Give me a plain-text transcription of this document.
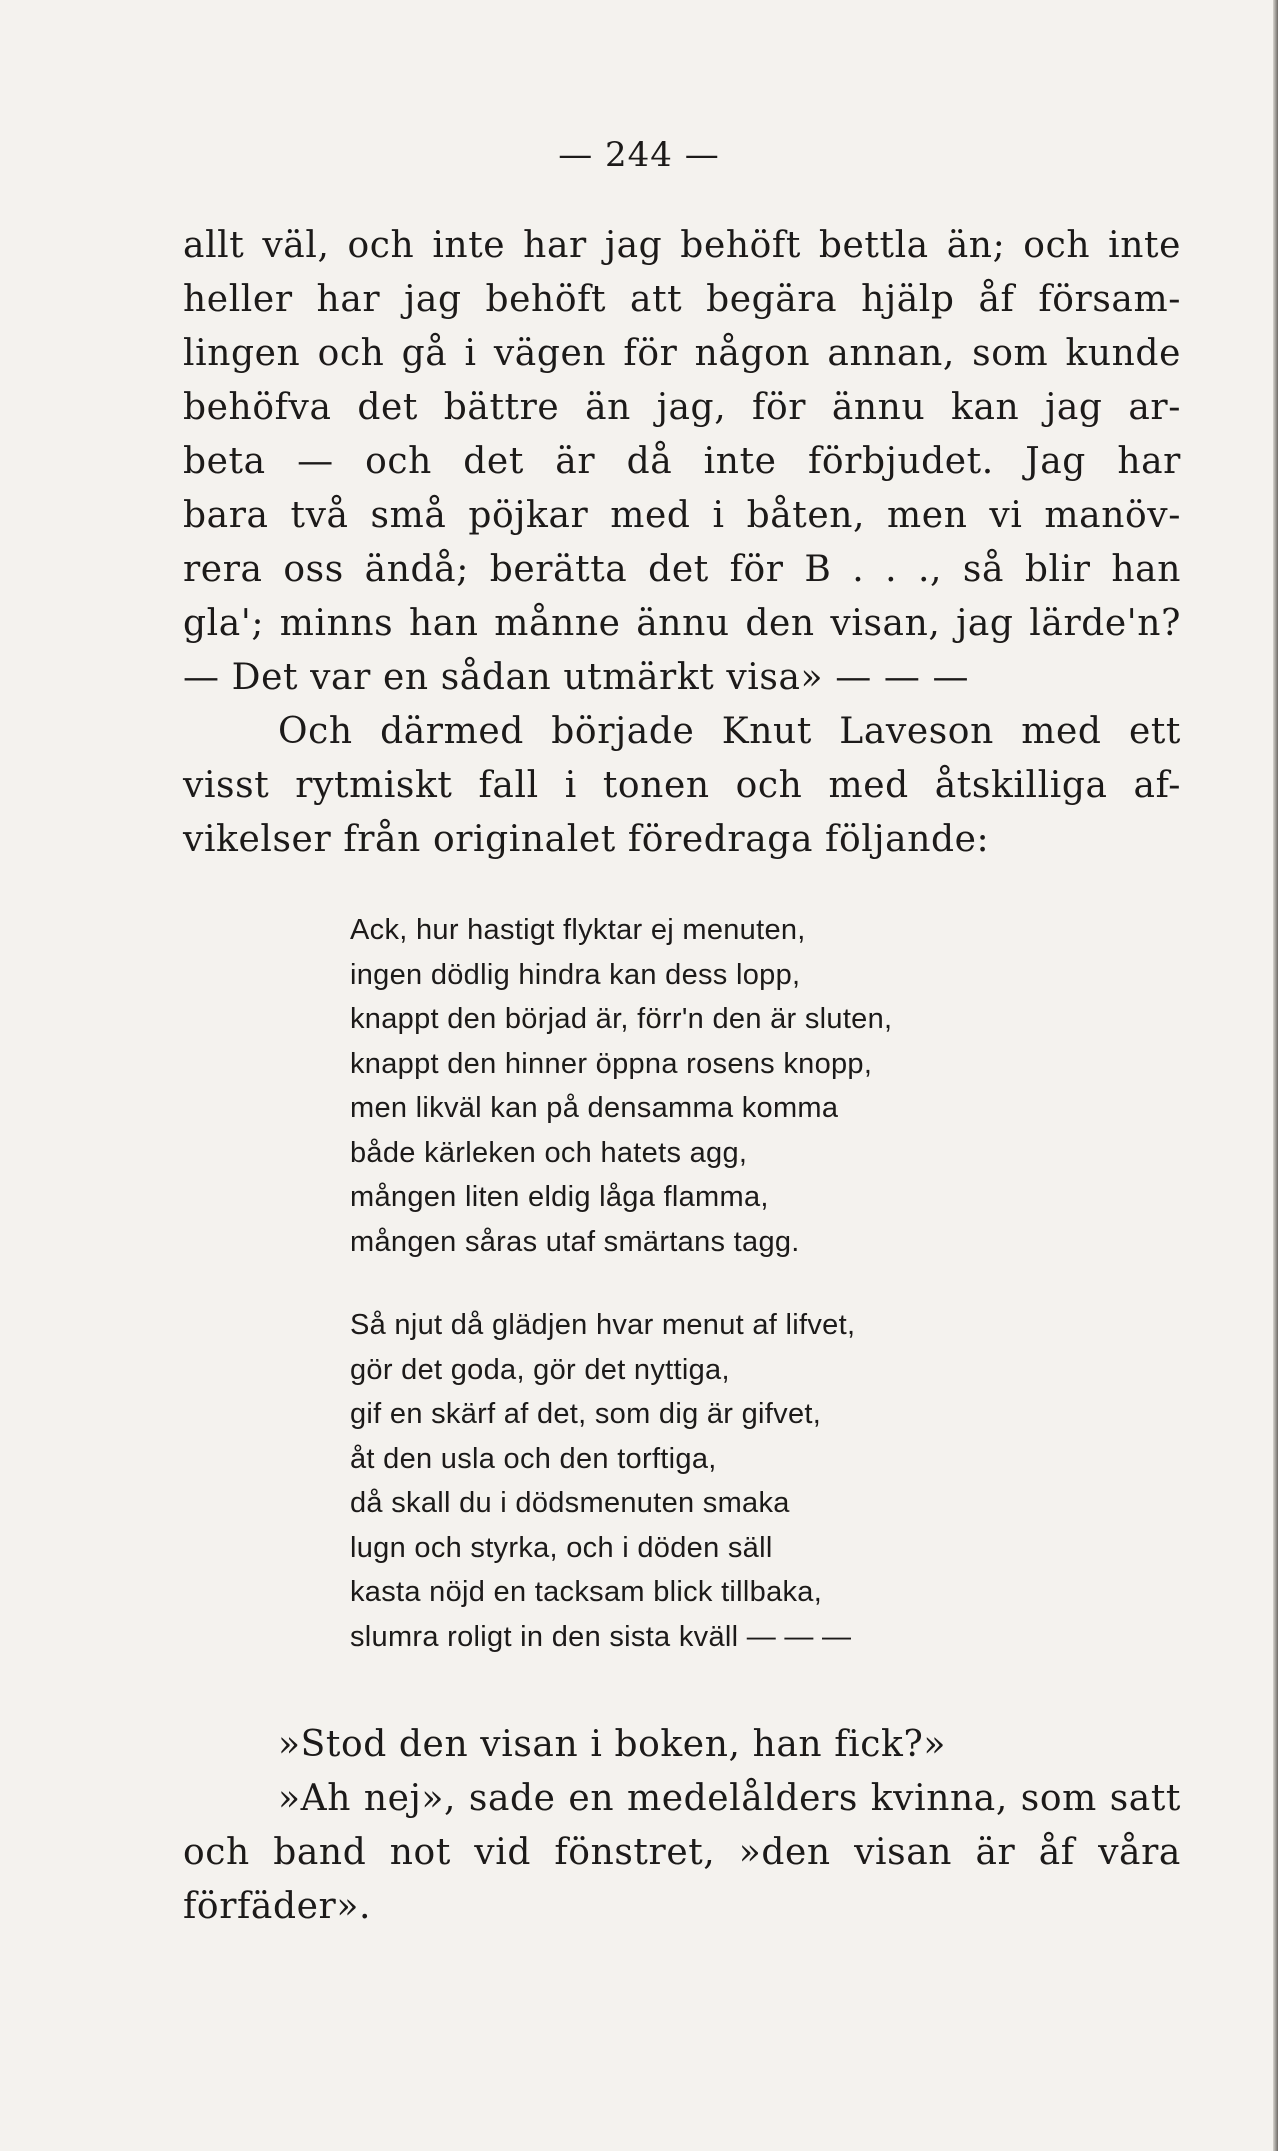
— 244 —
allt väl, och inte har jag behöft bettla än; och inte
heller har jag behöft att begära hjälp åf försam-
lingen och gå i vägen för någon annan, som kunde
behöfva det bättre än jag, för ännu kan jag ar-
beta — och det är då inte förbjudet. Jag har
bara två små pöjkar med i båten, men vi manöv-
rera oss ändå; berätta det för B . . ., så blir han
gla'; minns han månne ännu den visan, jag lärde'n?
— Det var en sådan utmärkt visa» — — —
Och därmed började Knut Laveson med ett
visst rytmiskt fall i tonen och med åtskilliga af-
vikelser från originalet föredraga följande:
Ack, hur hastigt flyktar ej menuten,
ingen dödlig hindra kan dess lopp,
knappt den börjad är, förr'n den är sluten,
knappt den hinner öppna rosens knopp,
men likväl kan på densamma komma
både kärleken och hatets agg,
mången liten eldig låga flamma,
mången såras utaf smärtans tagg.
Så njut då glädjen hvar menut af lifvet,
gör det goda, gör det nyttiga,
gif en skärf af det, som dig är gifvet,
åt den usla och den torftiga,
då skall du i dödsmenuten smaka
lugn och styrka, och i döden säll
kasta nöjd en tacksam blick tillbaka,
slumra roligt in den sista kväll — — —
»Stod den visan i boken, han fick?»
»Ah nej», sade en medelålders kvinna, som satt
och band not vid fönstret, »den visan är åf våra
förfäder».
